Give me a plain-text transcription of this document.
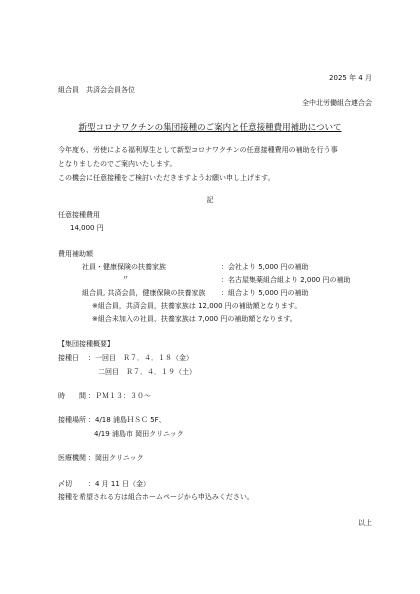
2025 年 4 月
組合員　共済会会員各位
全中北労働組合連合会
新型コロナワクチンの集団接種のご案内と任意接種費用補助について
今年度も、労使による福利厚生として新型コロナワクチンの任意接種費用の補助を行う事
となりましたのでご案内いたします。
この機会に任意接種をご検討いただきますようお願い申し上げます。
記
任意接種費用
14,000 円
費用補助額
社員・健康保険の扶養家族	：会社より 5,000 円の補助
〃	：名古屋集薬組合組より 2,000 円の補助
組合員, 共済会員，健康保険の扶養家族 ：組合より 5,000 円の補助
※組合員，共済会員，扶養家族は 12,000 円の補助額となります。
※組合未加入の社員、扶養家族は 7,000 円の補助額となります。
【集団接種概要】
接種日 ：一回目　Ｒ７．４．１８（金）
二回目　Ｒ７．４．１９（土）
時　　間 ：ＰＭ１３：３０～
接種場所 ：4/18 浦島ＨＳＣ 5F、
4/19 浦島市 岡田クリニック
医療機関 ：岡田クリニック
〆切 ：4 月 11 日（金）
接種を希望される方は組合ホームページから申込みください。
以上
